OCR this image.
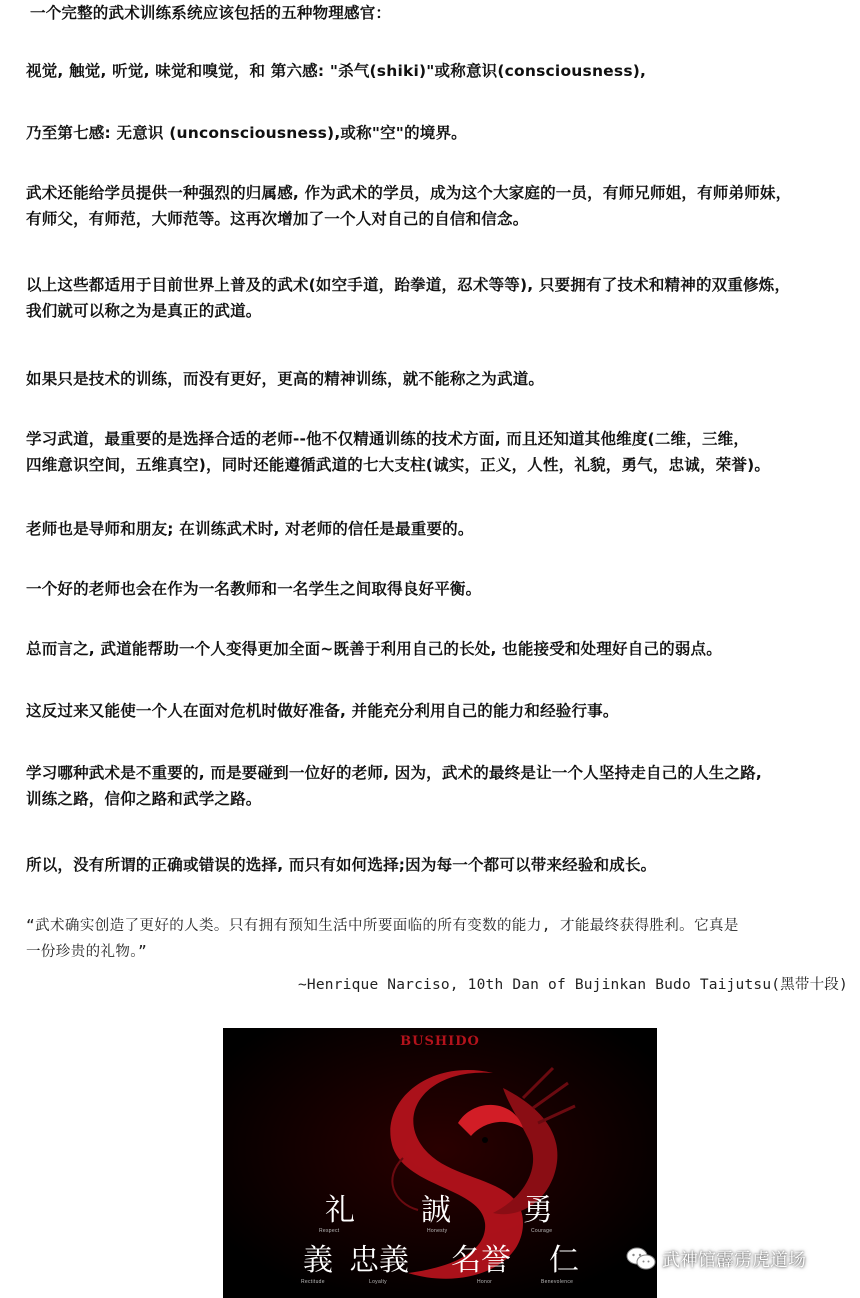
一个完整的武术训练系统应该包括的五种物理感官：

视觉, 触觉, 听觉, 味觉和嗅觉，和 第六感: "杀气(shiki)"或称意识(consciousness),

乃至第七感: 无意识 (unconsciousness),或称"空"的境界。

武术还能给学员提供一种强烈的归属感, 作为武术的学员，成为这个大家庭的一员，有师兄师姐，有师弟师妹，
有师父，有师范，大师范等。这再次增加了一个人对自己的自信和信念。

以上这些都适用于目前世界上普及的武术(如空手道，跆拳道，忍术等等), 只要拥有了技术和精神的双重修炼，
我们就可以称之为是真正的武道。

如果只是技术的训练，而没有更好，更高的精神训练，就不能称之为武道。

学习武道，最重要的是选择合适的老师--他不仅精通训练的技术方面, 而且还知道其他维度(二维，三维，
四维意识空间，五维真空)，同时还能遵循武道的七大支柱(诚实，正义，人性，礼貌，勇气，忠诚，荣誉)。

老师也是导师和朋友; 在训练武术时, 对老师的信任是最重要的。

一个好的老师也会在作为一名教师和一名学生之间取得良好平衡。

总而言之, 武道能帮助一个人变得更加全面~既善于利用自己的长处, 也能接受和处理好自己的弱点。

这反过来又能使一个人在面对危机时做好准备, 并能充分利用自己的能力和经验行事。

学习哪种武术是不重要的, 而是要碰到一位好的老师, 因为，武术的最终是让一个人坚持走自己的人生之路,
训练之路，信仰之路和武学之路。

所以，没有所谓的正确或错误的选择, 而只有如何选择;因为每一个都可以带来经验和成长。

“武术确实创造了更好的人类。只有拥有预知生活中所要面临的所有变数的能力, 才能最终获得胜利。它真是
一份珍贵的礼物。”
~Henrique Narciso, 10th Dan of Bujinkan Budo Taijutsu(黑带十段)
BUSHIDO
礼
Respect
誠
Honesty
勇
Courage
義
Rectitude
忠義
Loyalty
名誉
Honor
仁
Benevolence
武神馆霹雳虎道场
